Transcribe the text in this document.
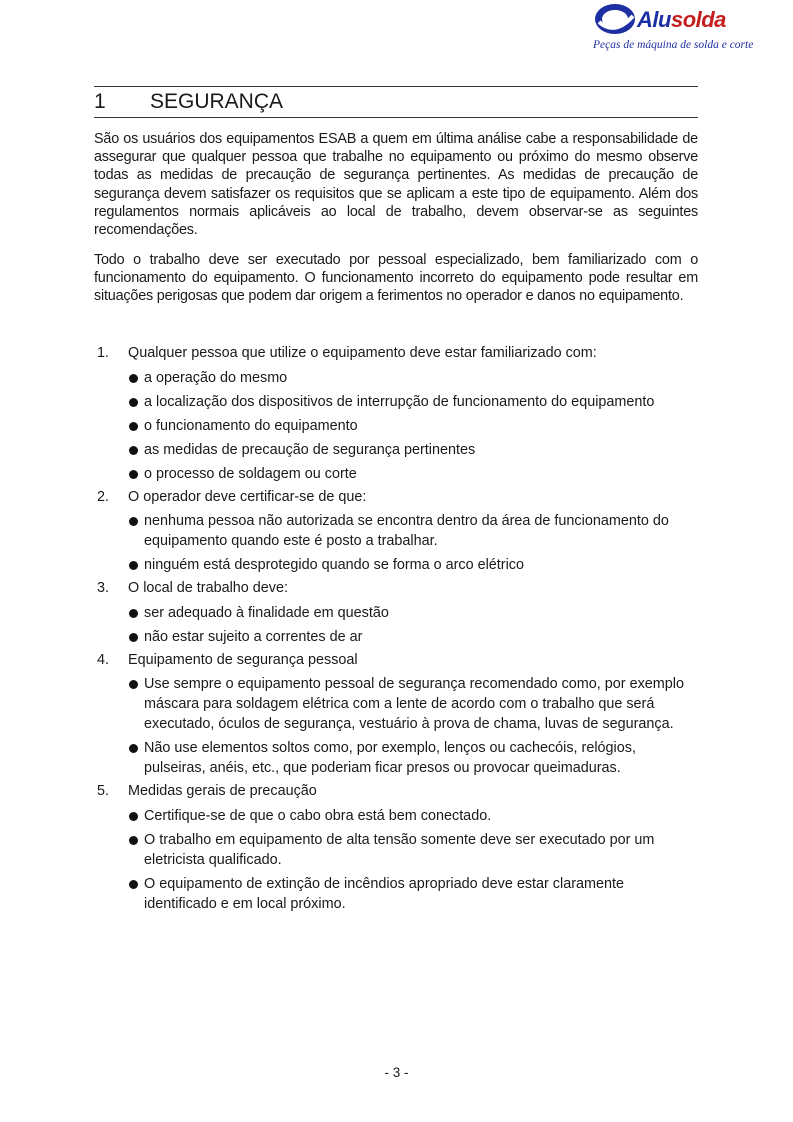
Alusolda
Peças de máquina de solda e corte
1 SEGURANÇA

São os usuários dos equipamentos ESAB a quem em última análise cabe a responsabilidade de assegurar que qualquer pessoa que trabalhe no equipamento ou próximo do mesmo observe todas as medidas de precaução de segurança pertinentes. As medidas de precaução de segurança devem satisfazer os requisitos que se aplicam a este tipo de equipamento. Além dos regulamentos normais aplicáveis ao local de trabalho, devem observar-se as seguintes recomendações.

Todo o trabalho deve ser executado por pessoal especializado, bem familiarizado com o funcionamento do equipamento. O funcionamento incorreto do equipamento pode resultar em situações perigosas que podem dar origem a ferimentos no operador e danos no equipamento.

1. Qualquer pessoa que utilize o equipamento deve estar familiarizado com:
a operação do mesmo
a localização dos dispositivos de interrupção de funcionamento do equipamento
o funcionamento do equipamento
as medidas de precaução de segurança pertinentes
o processo de soldagem ou corte
2. O operador deve certificar-se de que:
nenhuma pessoa não autorizada se encontra dentro da área de funcionamento do equipamento quando este é posto a trabalhar.
ninguém está desprotegido quando se forma o arco elétrico
3. O local de trabalho deve:
ser adequado à finalidade em questão
não estar sujeito a correntes de ar
4. Equipamento de segurança pessoal
Use sempre o equipamento pessoal de segurança recomendado como, por exemplo máscara para soldagem elétrica com a lente de acordo com o trabalho que será executado, óculos de segurança, vestuário à prova de chama, luvas de segurança.
Não use elementos soltos como, por exemplo, lenços ou cachecóis, relógios, pulseiras, anéis, etc., que poderiam ficar presos ou provocar queimaduras.
5. Medidas gerais de precaução
Certifique-se de que o cabo obra está bem conectado.
O trabalho em equipamento de alta tensão somente deve ser executado por um eletricista qualificado.
O equipamento de extinção de incêndios apropriado deve estar claramente identificado e em local próximo.
- 3 -
